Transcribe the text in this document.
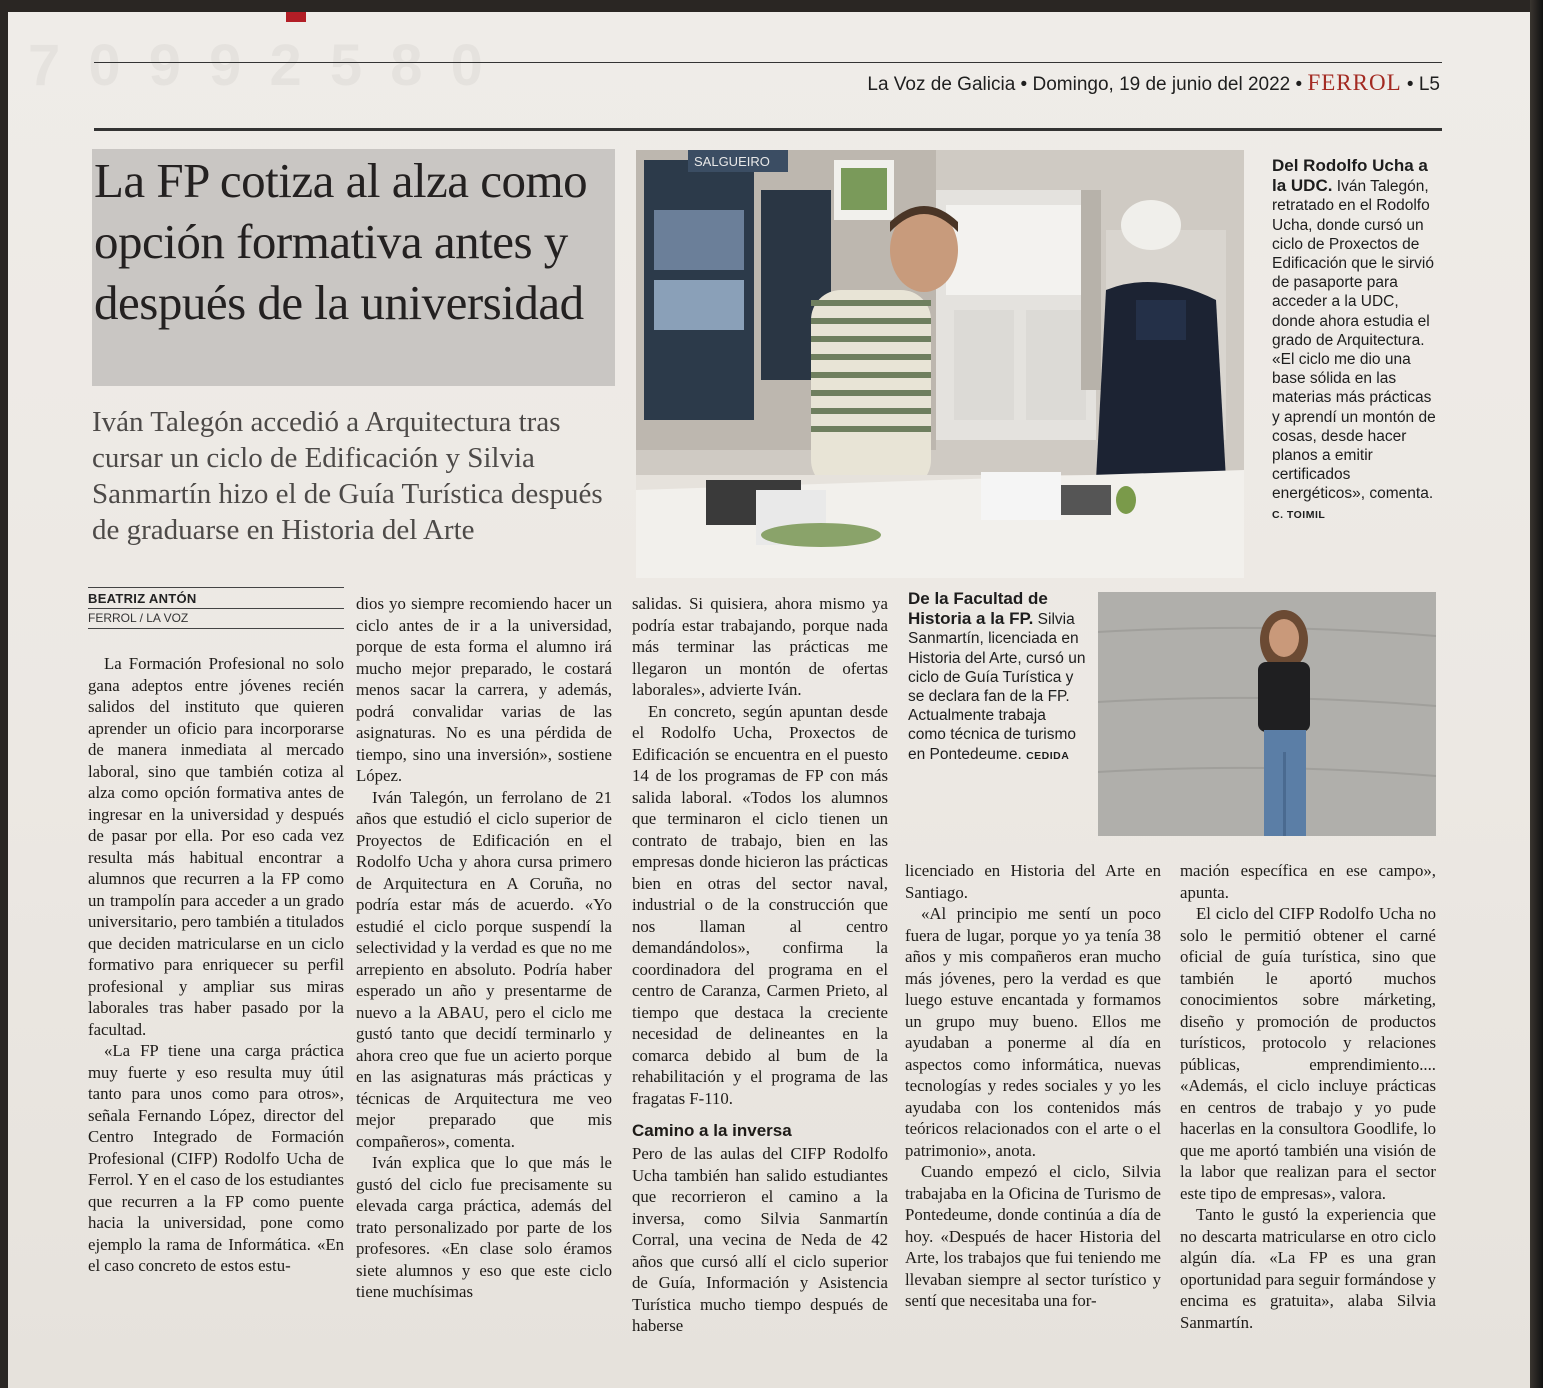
La Voz de Galicia • Domingo, 19 de junio del 2022 • FERROL • L5
La FP cotiza al alza como opción formativa antes y después de la universidad

Iván Talegón accedió a Arquitectura tras cursar un ciclo de Edificación y Silvia Sanmartín hizo el de Guía Turística después de graduarse en Historia del Arte

SALGUEIRO	Del Rodolfo Ucha a la UDC. Iván Talegón, retratado en el Rodolfo Ucha, donde cursó un ciclo de Proxectos de Edificación que le sirvió de pasaporte para acceder a la UDC, donde ahora estudia el grado de Arquitectura. «El ciclo me dio una base sólida en las materias más prácticas y aprendí un montón de cosas, desde hacer planos a emitir certificados energéticos», comenta. C. TOIMIL
De la Facultad de Historia a la FP. Silvia Sanmartín, licenciada en Historia del Arte, cursó un ciclo de Guía Turística y se declara fan de la FP. Actualmente trabaja como técnica de turismo en Pontedeume. CEDIDA
BEATRIZ ANTÓN
FERROL / LA VOZ

La Formación Profesional no solo gana adeptos entre jóvenes recién salidos del instituto que quieren aprender un oficio para incorporarse de manera inmediata al mercado laboral, sino que también cotiza al alza como opción formativa antes de ingresar en la universidad y después de pasar por ella. Por eso cada vez resulta más habitual encontrar a alumnos que recurren a la FP como un trampolín para acceder a un grado universitario, pero también a titulados que deciden matricularse en un ciclo formativo para enriquecer su perfil profesional y ampliar sus miras laborales tras haber pasado por la facultad.

«La FP tiene una carga práctica muy fuerte y eso resulta muy útil tanto para unos como para otros», señala Fernando López, director del Centro Integrado de Formación Profesional (CIFP) Rodolfo Ucha de Ferrol. Y en el caso de los estudiantes que recurren a la FP como puente hacia la universidad, pone como ejemplo la rama de Informática. «En el caso concreto de estos estu-

dios yo siempre recomiendo hacer un ciclo antes de ir a la universidad, porque de esta forma el alumno irá mucho mejor preparado, le costará menos sacar la carrera, y además, podrá convalidar varias de las asignaturas. No es una pérdida de tiempo, sino una inversión», sostiene López.

Iván Talegón, un ferrolano de 21 años que estudió el ciclo superior de Proyectos de Edificación en el Rodolfo Ucha y ahora cursa primero de Arquitectura en A Coruña, no podría estar más de acuerdo. «Yo estudié el ciclo porque suspendí la selectividad y la verdad es que no me arrepiento en absoluto. Podría haber esperado un año y presentarme de nuevo a la ABAU, pero el ciclo me gustó tanto que decidí terminarlo y ahora creo que fue un acierto porque en las asignaturas más prácticas y técnicas de Arquitectura me veo mejor preparado que mis compañeros», comenta.

Iván explica que lo que más le gustó del ciclo fue precisamente su elevada carga práctica, además del trato personalizado por parte de los profesores. «En clase solo éramos siete alumnos y eso que este ciclo tiene muchísimas

salidas. Si quisiera, ahora mismo ya podría estar trabajando, porque nada más terminar las prácticas me llegaron un montón de ofertas laborales», advierte Iván.

En concreto, según apuntan desde el Rodolfo Ucha, Proxectos de Edificación se encuentra en el puesto 14 de los programas de FP con más salida laboral. «Todos los alumnos que terminaron el ciclo tienen un contrato de trabajo, bien en las empresas donde hicieron las prácticas bien en otras del sector naval, industrial o de la construcción que nos llaman al centro demandándolos», confirma la coordinadora del programa en el centro de Caranza, Carmen Prieto, al tiempo que destaca la creciente necesidad de delineantes en la comarca debido al bum de la rehabilitación y el programa de las fragatas F-110.

Camino a la inversa

Pero de las aulas del CIFP Rodolfo Ucha también han salido estudiantes que recorrieron el camino a la inversa, como Silvia Sanmartín Corral, una vecina de Neda de 42 años que cursó allí el ciclo superior de Guía, Información y Asistencia Turística mucho tiempo después de haberse

licenciado en Historia del Arte en Santiago.

«Al principio me sentí un poco fuera de lugar, porque yo ya tenía 38 años y mis compañeros eran mucho más jóvenes, pero la verdad es que luego estuve encantada y formamos un grupo muy bueno. Ellos me ayudaban a ponerme al día en aspectos como informática, nuevas tecnologías y redes sociales y yo les ayudaba con los contenidos más teóricos relacionados con el arte o el patrimonio», anota.

Cuando empezó el ciclo, Silvia trabajaba en la Oficina de Turismo de Pontedeume, donde continúa a día de hoy. «Después de hacer Historia del Arte, los trabajos que fui teniendo me llevaban siempre al sector turístico y sentí que necesitaba una for-

mación específica en ese campo», apunta.

El ciclo del CIFP Rodolfo Ucha no solo le permitió obtener el carné oficial de guía turística, sino que también le aportó muchos conocimientos sobre márketing, diseño y promoción de productos turísticos, protocolo y relaciones públicas, emprendimiento.... «Además, el ciclo incluye prácticas en centros de trabajo y yo pude hacerlas en la consultora Goodlife, lo que me aportó también una visión de la labor que realizan para el sector este tipo de empresas», valora.

Tanto le gustó la experiencia que no descarta matricularse en otro ciclo algún día. «La FP es una gran oportunidad para seguir formándose y encima es gratuita», alaba Silvia Sanmartín.
